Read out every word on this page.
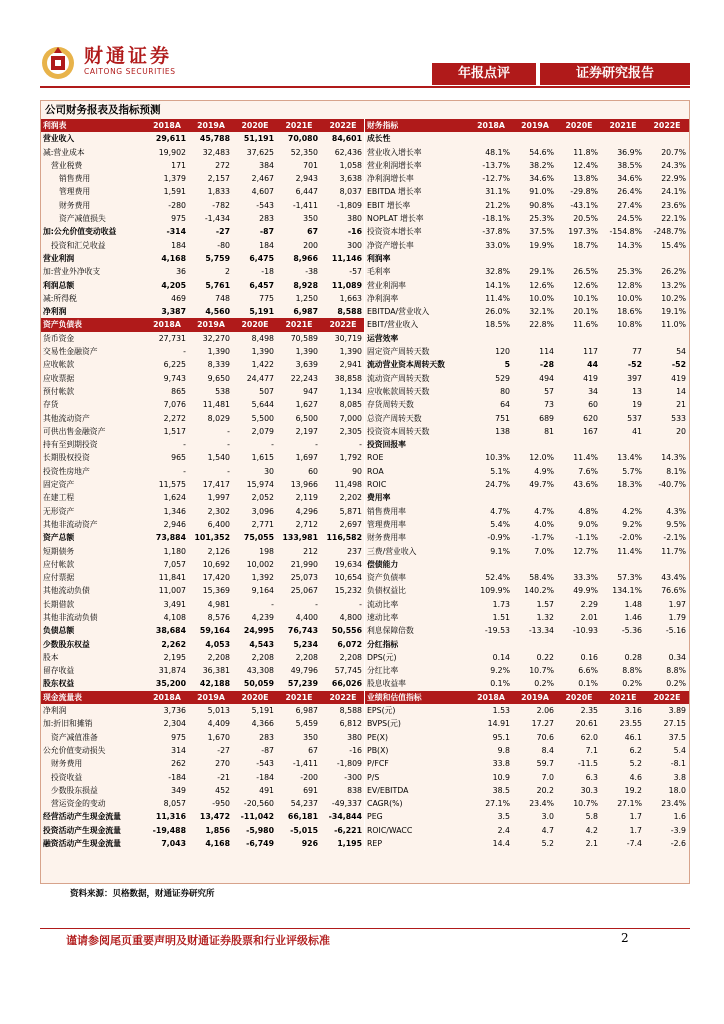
财通证券
CAITONG SECURITIES	年报点评	证券研究报告
公司财务报表及指标预测
利润表	2018A	2019A	2020E	2021E	2022E
营业收入	29,611	45,788	51,191	70,080	84,601
减:营业成本	19,902	32,483	37,625	52,350	62,436
营业税费	171	272	384	701	1,058
销售费用	1,379	2,157	2,467	2,943	3,638
管理费用	1,591	1,833	4,607	6,447	8,037
财务费用	-280	-782	-543	-1,411	-1,809
资产减值损失	975	-1,434	283	350	380
加:公允价值变动收益	-314	-27	-87	67	-16
投资和汇兑收益	184	-80	184	200	300
营业利润	4,168	5,759	6,475	8,966	11,146
加:营业外净收支	36	2	-18	-38	-57
利润总额	4,205	5,761	6,457	8,928	11,089
减:所得税	469	748	775	1,250	1,663
净利润	3,387	4,560	5,191	6,987	8,588
资产负债表	2018A	2019A	2020E	2021E	2022E
货币资金	27,731	32,270	8,498	70,589	30,719
交易性金融资产	-	1,390	1,390	1,390	1,390
应收帐款	6,225	8,339	1,422	3,639	2,941
应收票据	9,743	9,650	24,477	22,243	38,858
预付帐款	865	538	507	947	1,134
存货	7,076	11,481	5,644	1,627	8,085
其他流动资产	2,272	8,029	5,500	6,500	7,000
可供出售金融资产	1,517	-	2,079	2,197	2,305
持有至到期投资	-	-	-	-	-
长期股权投资	965	1,540	1,615	1,697	1,792
投资性房地产	-	-	30	60	90
固定资产	11,575	17,417	15,974	13,966	11,498
在建工程	1,624	1,997	2,052	2,119	2,202
无形资产	1,346	2,302	3,096	4,296	5,871
其他非流动资产	2,946	6,400	2,771	2,712	2,697
资产总额	73,884	101,352	75,055	133,981	116,582
短期债务	1,180	2,126	198	212	237
应付帐款	7,057	10,692	10,002	21,990	19,634
应付票据	11,841	17,420	1,392	25,073	10,654
其他流动负债	11,007	15,369	9,164	25,067	15,232
长期借款	3,491	4,981	-	-	-
其他非流动负债	4,108	8,576	4,239	4,400	4,800
负债总额	38,684	59,164	24,995	76,743	50,556
少数股东权益	2,262	4,053	4,543	5,234	6,072
股本	2,195	2,208	2,208	2,208	2,208
留存收益	31,874	36,381	43,308	49,796	57,745
股东权益	35,200	42,188	50,059	57,239	66,026
现金流量表	2018A	2019A	2020E	2021E	2022E
净利润	3,736	5,013	5,191	6,987	8,588
加:折旧和摊销	2,304	4,409	4,366	5,459	6,812
资产减值准备	975	1,670	283	350	380
公允价值变动损失	314	-27	-87	67	-16
财务费用	262	270	-543	-1,411	-1,809
投资收益	-184	-21	-184	-200	-300
少数股东损益	349	452	491	691	838
营运资金的变动	8,057	-950	-20,560	54,237	-49,337
经营活动产生现金流量	11,316	13,472	-11,042	66,181	-34,844
投资活动产生现金流量	-19,488	1,856	-5,980	-5,015	-6,221
融资活动产生现金流量	7,043	4,168	-6,749	926	1,195
财务指标	2018A	2019A	2020E	2021E	2022E
成长性
营业收入增长率	48.1%	54.6%	11.8%	36.9%	20.7%
营业利润增长率	-13.7%	38.2%	12.4%	38.5%	24.3%
净利润增长率	-12.7%	34.6%	13.8%	34.6%	22.9%
EBITDA 增长率	31.1%	91.0%	-29.8%	26.4%	24.1%
EBIT 增长率	21.2%	90.8%	-43.1%	27.4%	23.6%
NOPLAT 增长率	-18.1%	25.3%	20.5%	24.5%	22.1%
投资资本增长率	-37.8%	37.5%	197.3%	-154.8%	-248.7%
净资产增长率	33.0%	19.9%	18.7%	14.3%	15.4%
利润率
毛利率	32.8%	29.1%	26.5%	25.3%	26.2%
营业利润率	14.1%	12.6%	12.6%	12.8%	13.2%
净利润率	11.4%	10.0%	10.1%	10.0%	10.2%
EBITDA/营业收入	26.0%	32.1%	20.1%	18.6%	19.1%
EBIT/营业收入	18.5%	22.8%	11.6%	10.8%	11.0%
运营效率
固定资产周转天数	120	114	117	77	54
流动营业资本周转天数	5	-28	44	-52	-52
流动资产周转天数	529	494	419	397	419
应收帐款周转天数	80	57	34	13	14
存货周转天数	64	73	60	19	21
总资产周转天数	751	689	620	537	533
投资资本周转天数	138	81	167	41	20
投资回报率
ROE	10.3%	12.0%	11.4%	13.4%	14.3%
ROA	5.1%	4.9%	7.6%	5.7%	8.1%
ROIC	24.7%	49.7%	43.6%	18.3%	-40.7%
费用率
销售费用率	4.7%	4.7%	4.8%	4.2%	4.3%
管理费用率	5.4%	4.0%	9.0%	9.2%	9.5%
财务费用率	-0.9%	-1.7%	-1.1%	-2.0%	-2.1%
三费/营业收入	9.1%	7.0%	12.7%	11.4%	11.7%
偿债能力
资产负债率	52.4%	58.4%	33.3%	57.3%	43.4%
负债权益比	109.9%	140.2%	49.9%	134.1%	76.6%
流动比率	1.73	1.57	2.29	1.48	1.97
速动比率	1.51	1.32	2.01	1.46	1.79
利息保障倍数	-19.53	-13.34	-10.93	-5.36	-5.16
分红指标
DPS(元)	0.14	0.22	0.16	0.28	0.34
分红比率	9.2%	10.7%	6.6%	8.8%	8.8%
股息收益率	0.1%	0.2%	0.1%	0.2%	0.2%
业绩和估值指标	2018A	2019A	2020E	2021E	2022E
EPS(元)	1.53	2.06	2.35	3.16	3.89
BVPS(元)	14.91	17.27	20.61	23.55	27.15
PE(X)	95.1	70.6	62.0	46.1	37.5
PB(X)	9.8	8.4	7.1	6.2	5.4
P/FCF	33.8	59.7	-11.5	5.2	-8.1
P/S	10.9	7.0	6.3	4.6	3.8
EV/EBITDA	38.5	20.2	30.3	19.2	18.0
CAGR(%)	27.1%	23.4%	10.7%	27.1%	23.4%
PEG	3.5	3.0	5.8	1.7	1.6
ROIC/WACC	2.4	4.7	4.2	1.7	-3.9
REP	14.4	5.2	2.1	-7.4	-2.6
资料来源：贝格数据，财通证券研究所
谨请参阅尾页重要声明及财通证券股票和行业评级标准	2
